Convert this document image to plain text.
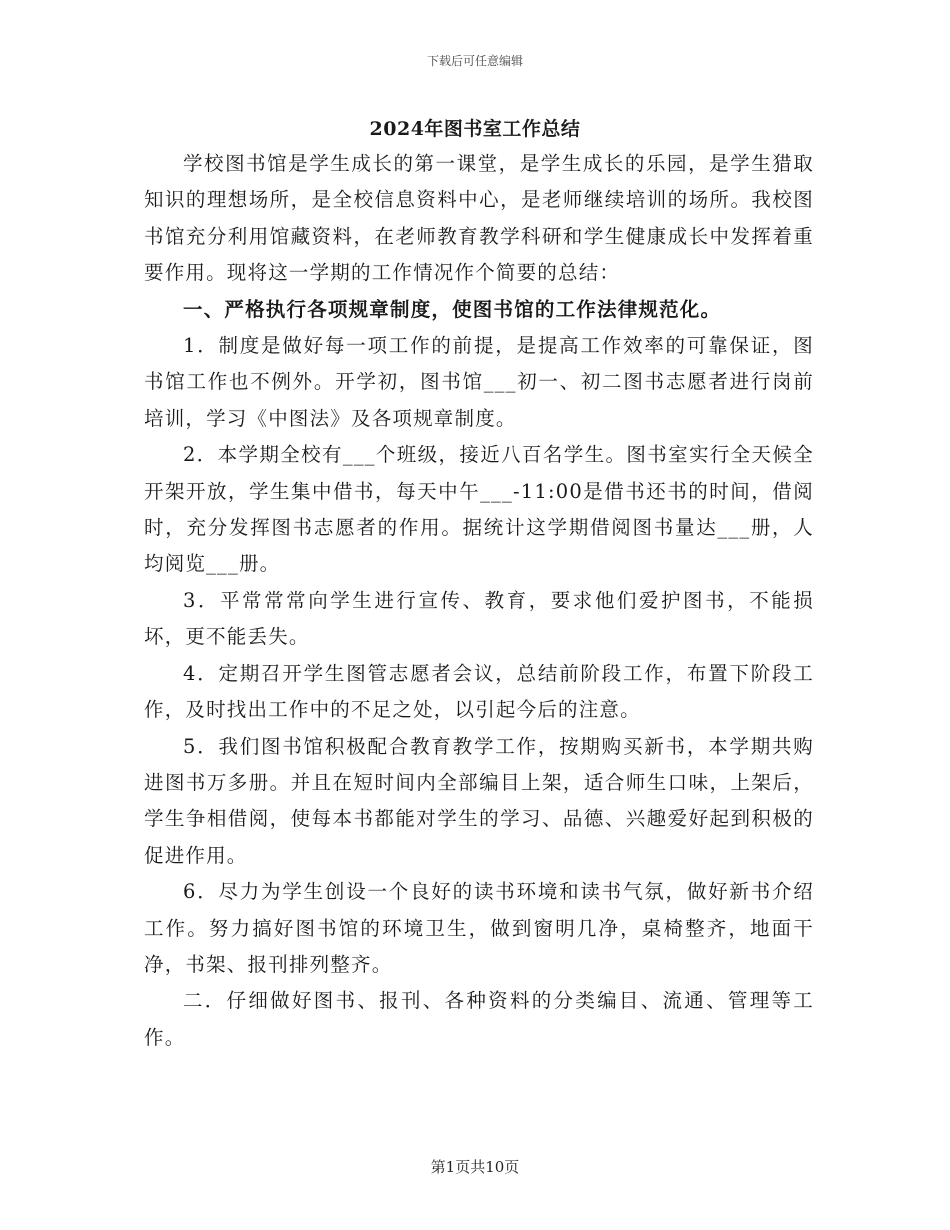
下载后可任意编辑
2024年图书室工作总结

学校图书馆是学生成长的第一课堂，是学生成长的乐园，是学生猎取知识的理想场所，是全校信息资料中心，是老师继续培训的场所。我校图书馆充分利用馆藏资料，在老师教育教学科研和学生健康成长中发挥着重要作用。现将这一学期的工作情况作个简要的总结：

一、严格执行各项规章制度，使图书馆的工作法律规范化。

1．制度是做好每一项工作的前提，是提高工作效率的可靠保证，图书馆工作也不例外。开学初，图书馆___初一、初二图书志愿者进行岗前培训，学习《中图法》及各项规章制度。

2．本学期全校有___个班级，接近八百名学生。图书室实行全天候全开架开放，学生集中借书，每天中午___-11:00是借书还书的时间，借阅时，充分发挥图书志愿者的作用。据统计这学期借阅图书量达___册，人均阅览___册。

3．平常常常向学生进行宣传、教育，要求他们爱护图书，不能损坏，更不能丢失。

4．定期召开学生图管志愿者会议，总结前阶段工作，布置下阶段工作，及时找出工作中的不足之处，以引起今后的注意。

5．我们图书馆积极配合教育教学工作，按期购买新书，本学期共购进图书万多册。并且在短时间内全部编目上架，适合师生口味，上架后，学生争相借阅，使每本书都能对学生的学习、品德、兴趣爱好起到积极的促进作用。

6．尽力为学生创设一个良好的读书环境和读书气氛，做好新书介绍工作。努力搞好图书馆的环境卫生，做到窗明几净，桌椅整齐，地面干净，书架、报刊排列整齐。

二．仔细做好图书、报刊、各种资料的分类编目、流通、管理等工作。

第1页共10页
